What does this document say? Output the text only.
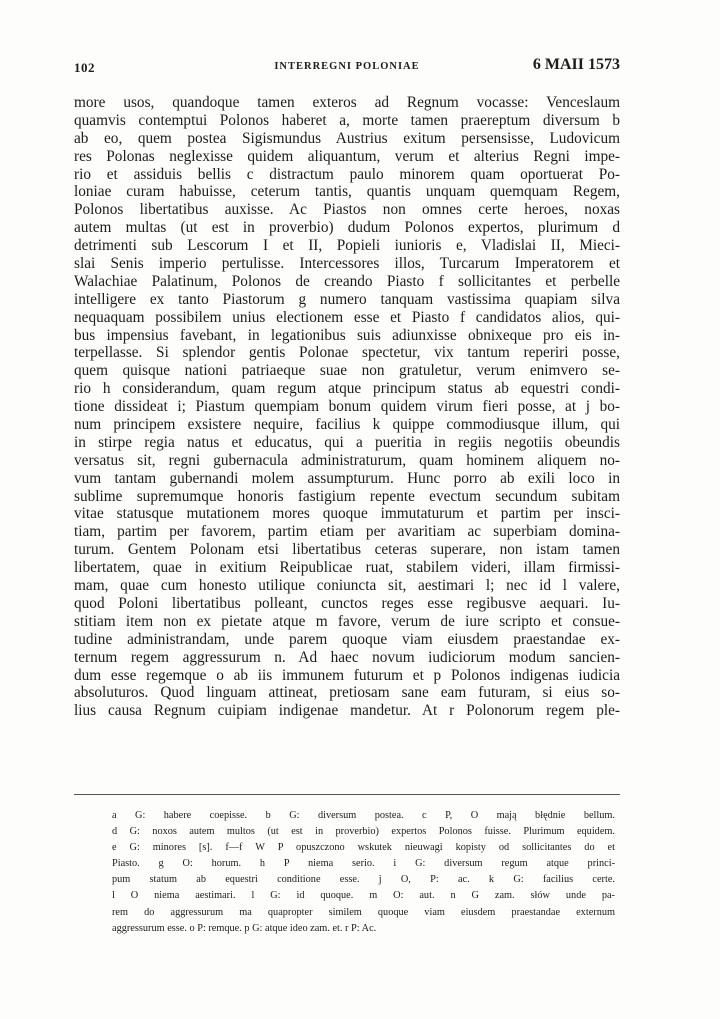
102	INTERREGNI POLONIAE	6 MAII 1573
more usos, quandoque tamen exteros ad Regnum vocasse: Venceslaum
quamvis contemptui Polonos haberet a, morte tamen praereptum diversum b
ab eo, quem postea Sigismundus Austrius exitum persensisse, Ludovicum
res Polonas neglexisse quidem aliquantum, verum et alterius Regni impe-
rio et assiduis bellis c distractum paulo minorem quam oportuerat Po-
loniae curam habuisse, ceterum tantis, quantis unquam quemquam Regem,
Polonos libertatibus auxisse. Ac Piastos non omnes certe heroes, noxas
autem multas (ut est in proverbio) dudum Polonos expertos, plurimum d
detrimenti sub Lescorum I et II, Popieli iunioris e, Vladislai II, Mieci-
slai Senis imperio pertulisse. Intercessores illos, Turcarum Imperatorem et
Walachiae Palatinum, Polonos de creando Piasto f sollicitantes et perbelle
intelligere ex tanto Piastorum g numero tanquam vastissima quapiam silva
nequaquam possibilem unius electionem esse et Piasto f candidatos alios, qui-
bus impensius favebant, in legationibus suis adiunxisse obnixeque pro eis in-
terpellasse. Si splendor gentis Polonae spectetur, vix tantum reperiri posse,
quem quisque nationi patriaeque suae non gratuletur, verum enimvero se-
rio h considerandum, quam regum atque principum status ab equestri condi-
tione dissideat i; Piastum quempiam bonum quidem virum fieri posse, at j bo-
num principem exsistere nequire, facilius k quippe commodiusque illum, qui
in stirpe regia natus et educatus, qui a pueritia in regiis negotiis obeundis
versatus sit, regni gubernacula administraturum, quam hominem aliquem no-
vum tantam gubernandi molem assumpturum. Hunc porro ab exili loco in
sublime supremumque honoris fastigium repente evectum secundum subitam
vitae statusque mutationem mores quoque immutaturum et partim per insci-
tiam, partim per favorem, partim etiam per avaritiam ac superbiam domina-
turum. Gentem Polonam etsi libertatibus ceteras superare, non istam tamen
libertatem, quae in exitium Reipublicae ruat, stabilem videri, illam firmissi-
mam, quae cum honesto utilique coniuncta sit, aestimari l; nec id l valere,
quod Poloni libertatibus polleant, cunctos reges esse regibusve aequari. Iu-
stitiam item non ex pietate atque m favore, verum de iure scripto et consue-
tudine administrandam, unde parem quoque viam eiusdem praestandae ex-
ternum regem aggressurum n. Ad haec novum iudiciorum modum sancien-
dum esse regemque o ab iis immunem futurum et p Polonos indigenas iudicia
absoluturos. Quod linguam attineat, pretiosam sane eam futuram, si eius so-
lius causa Regnum cuipiam indigenae mandetur. At r Polonorum regem ple-
a G: habere coepisse. b G: diversum postea. c P, O mają błędnie bellum.
d G: noxos autem multos (ut est in proverbio) expertos Polonos fuisse. Plurimum equidem.
e G: minores [s]. f—f W P opuszczono wskutek nieuwagi kopisty od sollicitantes do et
Piasto. g O: horum. h P niema serio. i G: diversum regum atque princi-
pum statum ab equestri conditione esse. j O, P: ac. k G: facilius certe.
l O niema aestimari. l G: id quoque. m O: aut. n G zam. słów unde pa-
rem do aggressurum ma quapropter similem quoque viam eiusdem praestandae externum
aggressurum esse. o P: remque. p G: atque ideo zam. et. r P: Ac.
